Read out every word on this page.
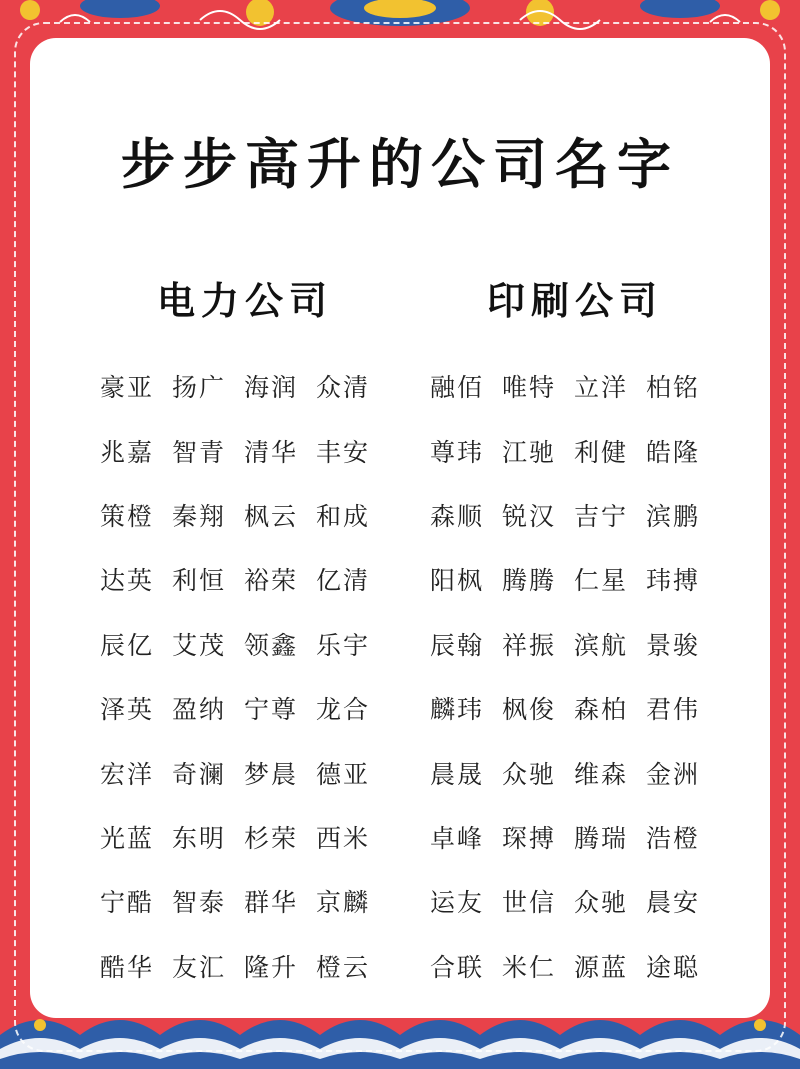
步步高升的公司名字
电力公司	印刷公司
豪亚 扬广 海润 众清
兆嘉 智青 清华 丰安
策橙 秦翔 枫云 和成
达英 利恒 裕荣 亿清
辰亿 艾茂 领鑫 乐宇
泽英 盈纳 宁尊 龙合
宏洋 奇澜 梦晨 德亚
光蓝 东明 杉荣 西米
宁酷 智泰 群华 京麟
酷华 友汇 隆升 橙云
融佰 唯特 立洋 柏铭
尊玮 江驰 利健 皓隆
森顺 锐汉 吉宁 滨鹏
阳枫 腾腾 仁星 玮搏
辰翰 祥振 滨航 景骏
麟玮 枫俊 森柏 君伟
晨晟 众驰 维森 金洲
卓峰 琛搏 腾瑞 浩橙
运友 世信 众驰 晨安
合联 米仁 源蓝 途聪
